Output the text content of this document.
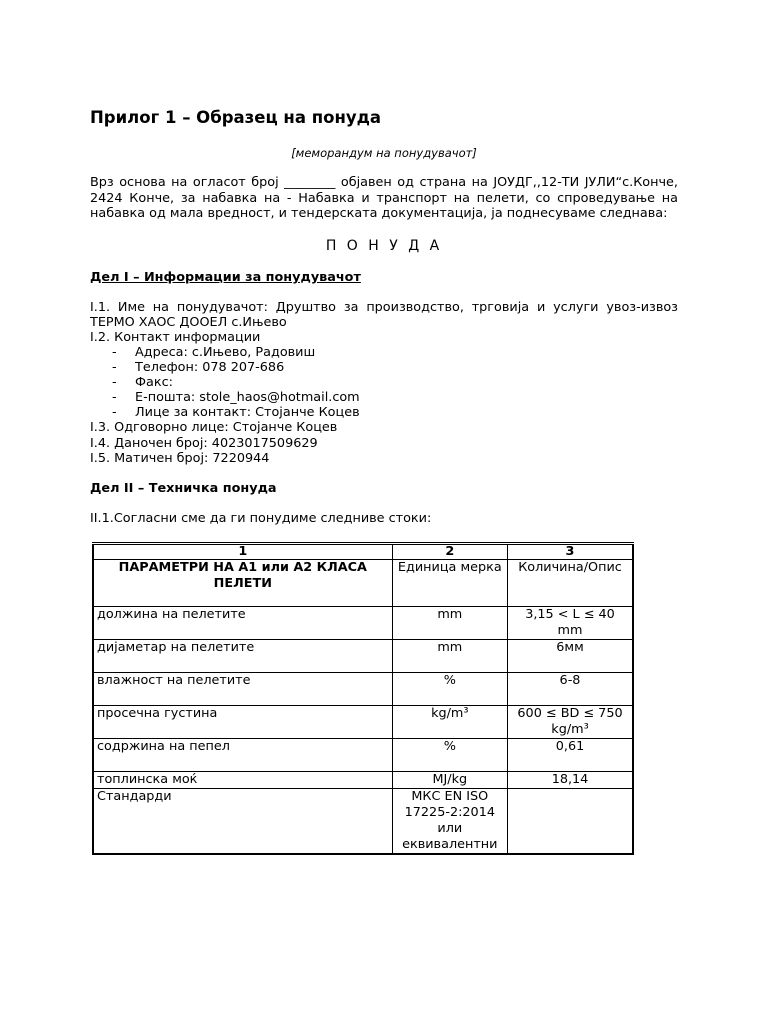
Прилог 1 – Образец на понуда
[меморандум на понудувачот]
Врз основа на огласот број ________ објавен од страна на ЈОУДГ,,12-ТИ ЈУЛИ“с.Конче, 2424 Конче, за набавка на - Набавка и транспорт на пелети, со спроведување на набавка од мала вредност, и тендерската документација, ја поднесуваме следнава:
П О Н У Д А
Дел I – Информации за понудувачот
I.1. Име на понудувачот: Друштво за производство, трговија и услуги увоз-извоз ТЕРМО ХАОС ДООЕЛ с.Ињево
I.2. Контакт информации
- Адреса: с.Ињево, Радовиш
- Телефон: 078 207-686
- Факс:
- Е-пошта: stole_haos@hotmail.com
- Лице за контакт: Стојанче Коцев
I.3. Одговорно лице: Стојанче Коцев
I.4. Даночен број: 4023017509629
I.5. Матичен број: 7220944
Дел II – Техничка понуда
II.1.Согласни сме да ги понудиме следниве стоки:
1	2	3
ПАРАМЕТРИ НА А1 или А2 КЛАСА ПЕЛЕТИ	Единица мерка	Количина/Опис
должина на пелетите	mm	3,15 < L ≤ 40 mm
дијаметар на пелетите	mm	6мм
влажност на пелетите	%	6-8
просечна густина	kg/m³	600 ≤ BD ≤ 750 kg/m³
содржина на пепел	%	0,61
топлинска моќ	MJ/kg	18,14
Стандарди	МКС EN ISO 17225-2:2014 или еквивалентни	
